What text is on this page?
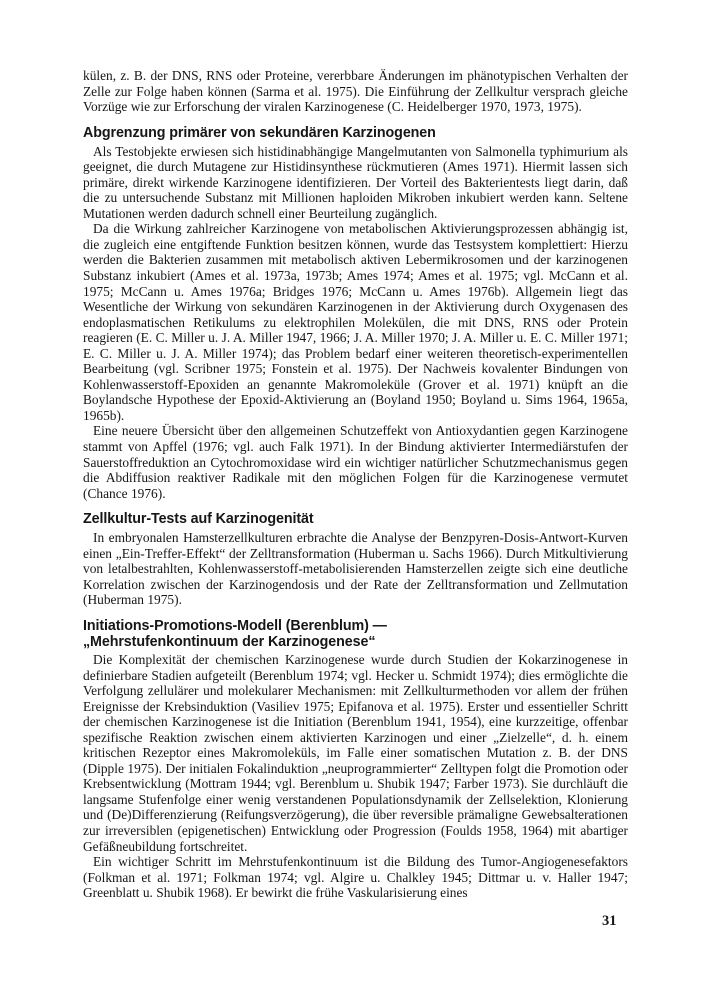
külen, z. B. der DNS, RNS oder Proteine, vererbbare Änderungen im phänotypischen Verhalten der Zelle zur Folge haben können (Sarma et al. 1975). Die Einführung der Zellkultur versprach gleiche Vorzüge wie zur Erforschung der viralen Karzinogenese (C. Heidelberger 1970, 1973, 1975).

Abgrenzung primärer von sekundären Karzinogenen

Als Testobjekte erwiesen sich histidinabhängige Mangelmutanten von Salmonella typhimurium als geeignet, die durch Mutagene zur Histidinsynthese rückmutieren (Ames 1971). Hiermit lassen sich primäre, direkt wirkende Karzinogene identifizieren. Der Vorteil des Bakterientests liegt darin, daß die zu untersuchende Substanz mit Millionen haploiden Mikroben inkubiert werden kann. Seltene Mutationen werden dadurch schnell einer Beurteilung zugänglich.

Da die Wirkung zahlreicher Karzinogene von metabolischen Aktivierungsprozessen abhängig ist, die zugleich eine entgiftende Funktion besitzen können, wurde das Testsystem komplettiert: Hierzu werden die Bakterien zusammen mit metabolisch aktiven Lebermikrosomen und der karzinogenen Substanz inkubiert (Ames et al. 1973a, 1973b; Ames 1974; Ames et al. 1975; vgl. McCann et al. 1975; McCann u. Ames 1976a; Bridges 1976; McCann u. Ames 1976b). Allgemein liegt das Wesentliche der Wirkung von sekundären Karzinogenen in der Aktivierung durch Oxygenasen des endoplasmatischen Retikulums zu elektrophilen Molekülen, die mit DNS, RNS oder Protein reagieren (E. C. Miller u. J. A. Miller 1947, 1966; J. A. Miller 1970; J. A. Miller u. E. C. Miller 1971; E. C. Miller u. J. A. Miller 1974); das Problem bedarf einer weiteren theoretisch-experimentellen Bearbeitung (vgl. Scribner 1975; Fonstein et al. 1975). Der Nachweis kovalenter Bindungen von Kohlenwasserstoff-Epoxiden an genannte Makromoleküle (Grover et al. 1971) knüpft an die Boylandsche Hypothese der Epoxid-Aktivierung an (Boyland 1950; Boyland u. Sims 1964, 1965a, 1965b).

Eine neuere Übersicht über den allgemeinen Schutzeffekt von Antioxydantien gegen Karzinogene stammt von Apffel (1976; vgl. auch Falk 1971). In der Bindung aktivierter Intermediärstufen der Sauerstoffreduktion an Cytochromoxidase wird ein wichtiger natürlicher Schutzmechanismus gegen die Abdiffusion reaktiver Radikale mit den möglichen Folgen für die Karzinogenese vermutet (Chance 1976).

Zellkultur-Tests auf Karzinogenität

In embryonalen Hamsterzellkulturen erbrachte die Analyse der Benzpyren-Dosis-Antwort-Kurven einen „Ein-Treffer-Effekt“ der Zelltransformation (Huberman u. Sachs 1966). Durch Mitkultivierung von letalbestrahlten, Kohlenwasserstoff-metabolisierenden Hamsterzellen zeigte sich eine deutliche Korrelation zwischen der Karzinogendosis und der Rate der Zelltransformation und Zellmutation (Huberman 1975).

Initiations-Promotions-Modell (Berenblum) —
„Mehrstufenkontinuum der Karzinogenese“

Die Komplexität der chemischen Karzinogenese wurde durch Studien der Kokarzinogenese in definierbare Stadien aufgeteilt (Berenblum 1974; vgl. Hecker u. Schmidt 1974); dies ermöglichte die Verfolgung zellulärer und molekularer Mechanismen: mit Zellkulturmethoden vor allem der frühen Ereignisse der Krebsinduktion (Vasiliev 1975; Epifanova et al. 1975). Erster und essentieller Schritt der chemischen Karzinogenese ist die Initiation (Berenblum 1941, 1954), eine kurzzeitige, offenbar spezifische Reaktion zwischen einem aktivierten Karzinogen und einer „Zielzelle“, d. h. einem kritischen Rezeptor eines Makromoleküls, im Falle einer somatischen Mutation z. B. der DNS (Dipple 1975). Der initialen Fokalinduktion „neuprogrammierter“ Zelltypen folgt die Promotion oder Krebsentwicklung (Mottram 1944; vgl. Berenblum u. Shubik 1947; Farber 1973). Sie durchläuft die langsame Stufenfolge einer wenig verstandenen Populationsdynamik der Zellselektion, Klonierung und (De)Differenzierung (Reifungsverzögerung), die über reversible prämaligne Gewebsalterationen zur irreversiblen (epigenetischen) Entwicklung oder Progression (Foulds 1958, 1964) mit abartiger Gefäßneubildung fortschreitet.

Ein wichtiger Schritt im Mehrstufenkontinuum ist die Bildung des Tumor-Angiogenesefaktors (Folkman et al. 1971; Folkman 1974; vgl. Algire u. Chalkley 1945; Dittmar u. v. Haller 1947; Greenblatt u. Shubik 1968). Er bewirkt die frühe Vaskularisierung eines

31
